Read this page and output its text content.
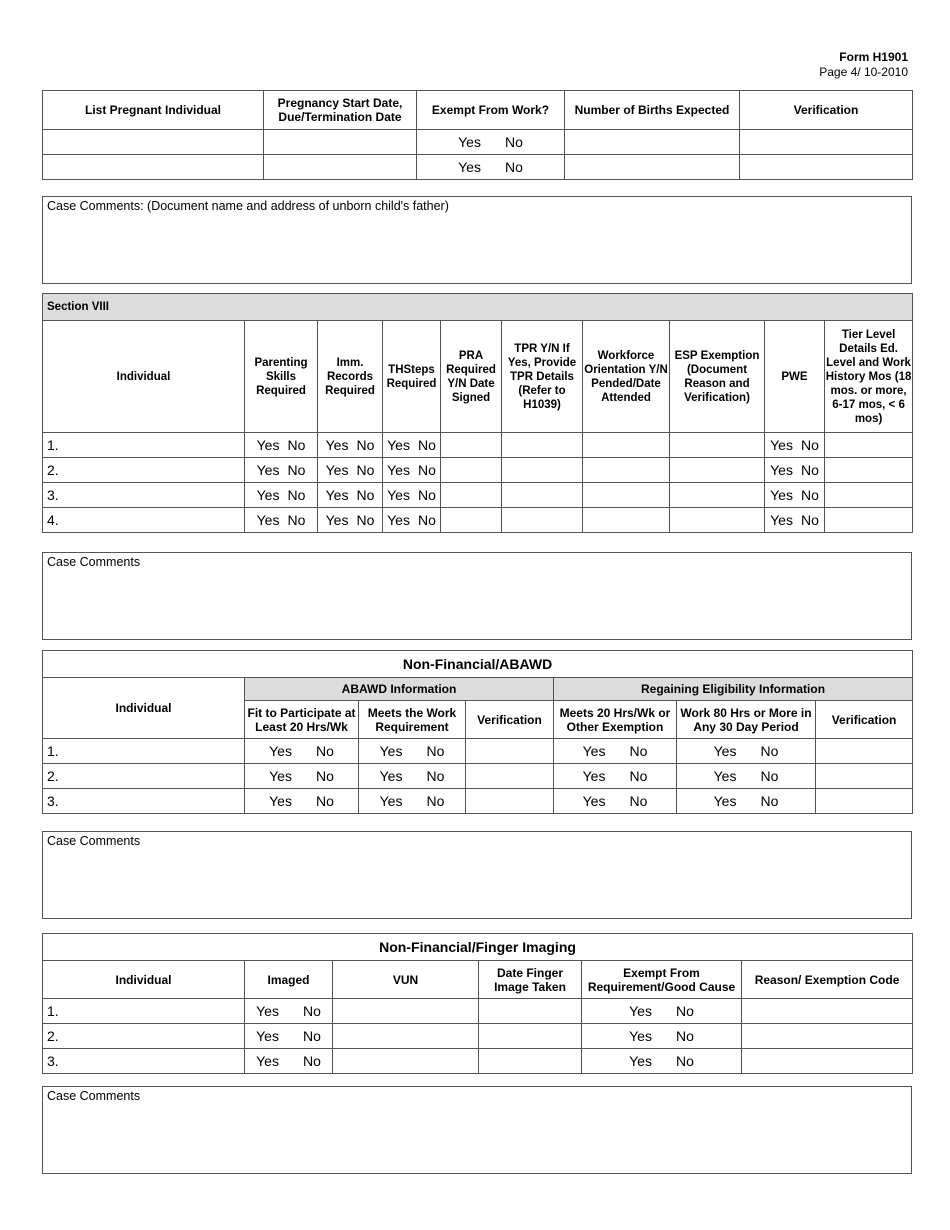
Form H1901
Page 4/ 10-2010
List Pregnant Individual	Pregnancy Start Date, Due/Termination Date	Exempt From Work?	Number of Births Expected	Verification

		Yes No		

		Yes No		

Case Comments: (Document name and address of unborn child's father)
Section VIII									
Individual	Parenting Skills Required	Imm. Records Required	THSteps Required	PRA Required Y/N Date Signed	TPR Y/N If Yes, Provide TPR Details (Refer to H1039)	Workforce Orientation Y/N Pended/Date Attended	ESP Exemption (Document Reason and Verification)	PWE	Tier Level Details Ed. Level and Work History Mos (18 mos. or more, 6-17 mos, < 6 mos)
1.	Yes No	Yes No	Yes No					Yes No	

2.	Yes No	Yes No	Yes No					Yes No	

3.	Yes No	Yes No	Yes No					Yes No	

4.	Yes No	Yes No	Yes No					Yes No	

Case Comments
Non-Financial/ABAWD						
Individual	ABAWD Information			Regaining Eligibility Information		
	Fit to Participate at Least 20 Hrs/Wk	Meets the Work Requirement	Verification	Meets 20 Hrs/Wk or Other Exemption	Work 80 Hrs or More in Any 30 Day Period	Verification
1.	Yes No	Yes No		Yes No	Yes No	

2.	Yes No	Yes No		Yes No	Yes No	

3.	Yes No	Yes No		Yes No	Yes No	

Case Comments
Non-Financial/Finger Imaging					
Individual	Imaged	VUN	Date Finger Image Taken	Exempt From Requirement/Good Cause	Reason/ Exemption Code
1.	Yes No			Yes No	

2.	Yes No			Yes No	

3.	Yes No			Yes No	

Case Comments
